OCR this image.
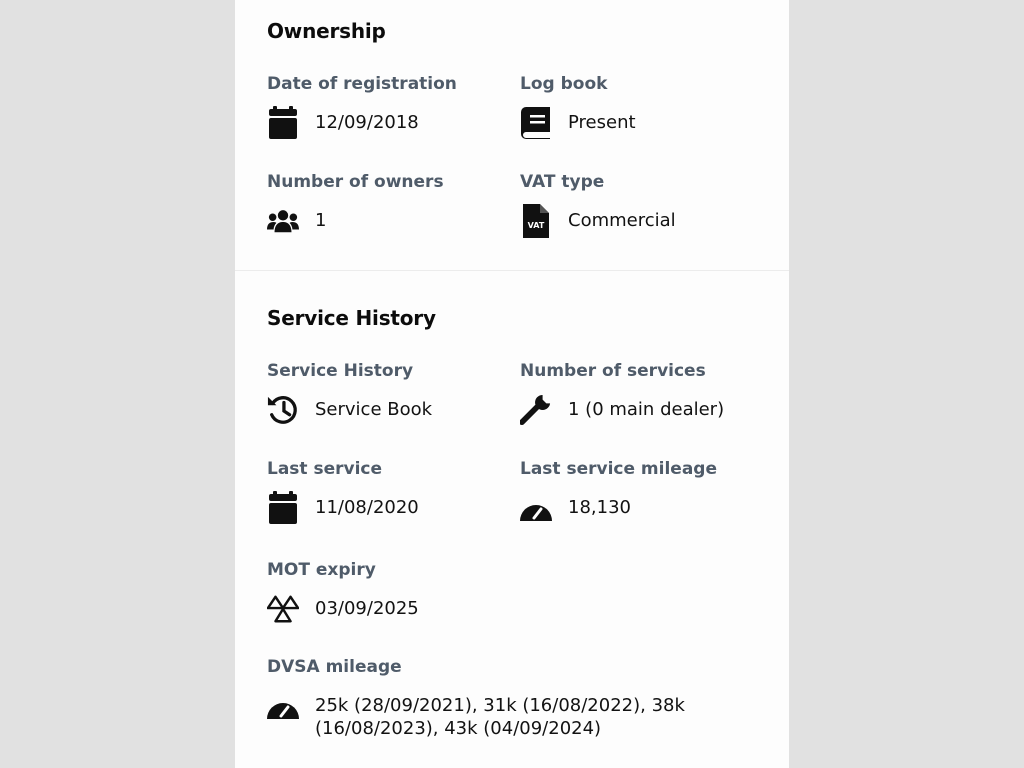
Ownership
Date of registration
12/09/2018
Log book
Present
Number of owners
1
VAT type
VAT Commercial
Service History
Service History
Service Book
Number of services
1 (0 main dealer)
Last service
11/08/2020
Last service mileage
18,130
MOT expiry
03/09/2025
DVSA mileage
25k (28/09/2021), 31k (16/08/2022), 38k (16/08/2023), 43k (04/09/2024)
